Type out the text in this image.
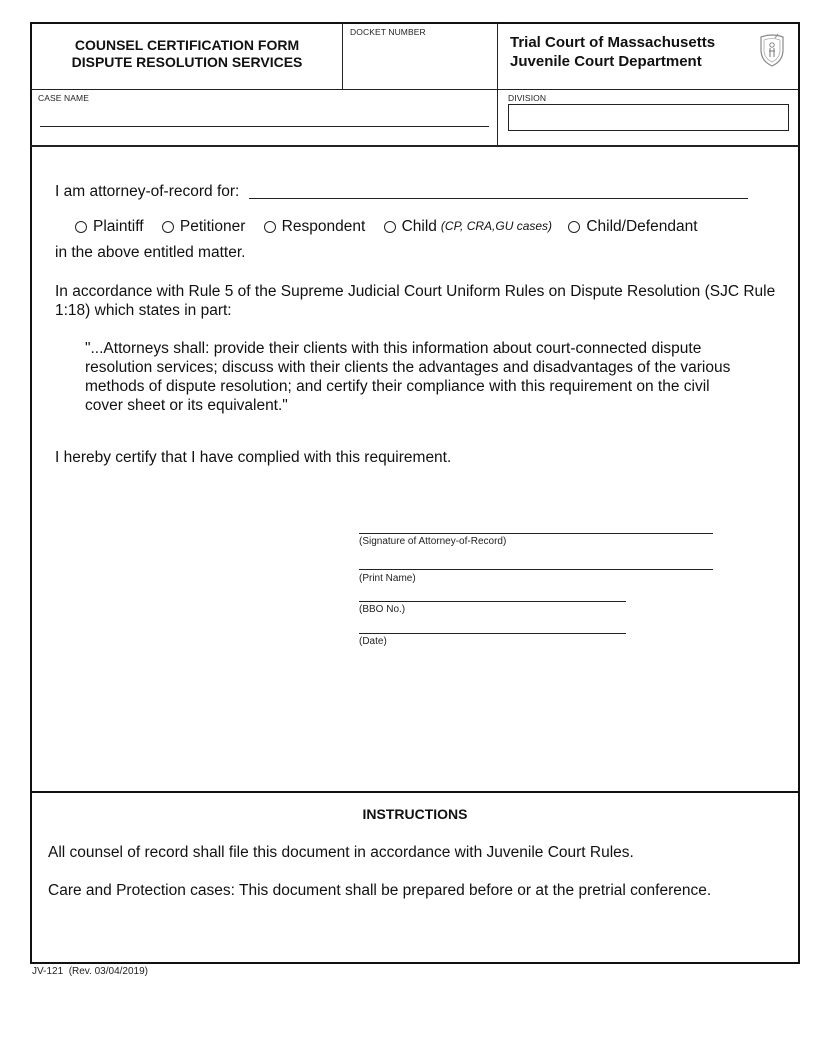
COUNSEL CERTIFICATION FORM
DISPUTE RESOLUTION SERVICES
DOCKET NUMBER
Trial Court of Massachusetts
Juvenile Court Department
CASE NAME	DIVISION
I am attorney-of-record for:
Plaintiff
Petitioner
Respondent
Child (CP, CRA,GU cases)
Child/Defendant
in the above entitled matter.
In accordance with Rule 5 of the Supreme Judicial Court Uniform Rules on Dispute Resolution (SJC Rule 1:18) which states in part:
"...Attorneys shall: provide their clients with this information about court-connected dispute resolution services; discuss with their clients the advantages and disadvantages of the various methods of dispute resolution; and certify their compliance with this requirement on the civil cover sheet or its equivalent."
I hereby certify that I have complied with this requirement.
(Signature of Attorney-of-Record)
(Print Name)
(BBO No.)
(Date)
INSTRUCTIONS
All counsel of record shall file this document in accordance with Juvenile Court Rules.
Care and Protection cases: This document shall be prepared before or at the pretrial conference.
JV-121  (Rev. 03/04/2019)
